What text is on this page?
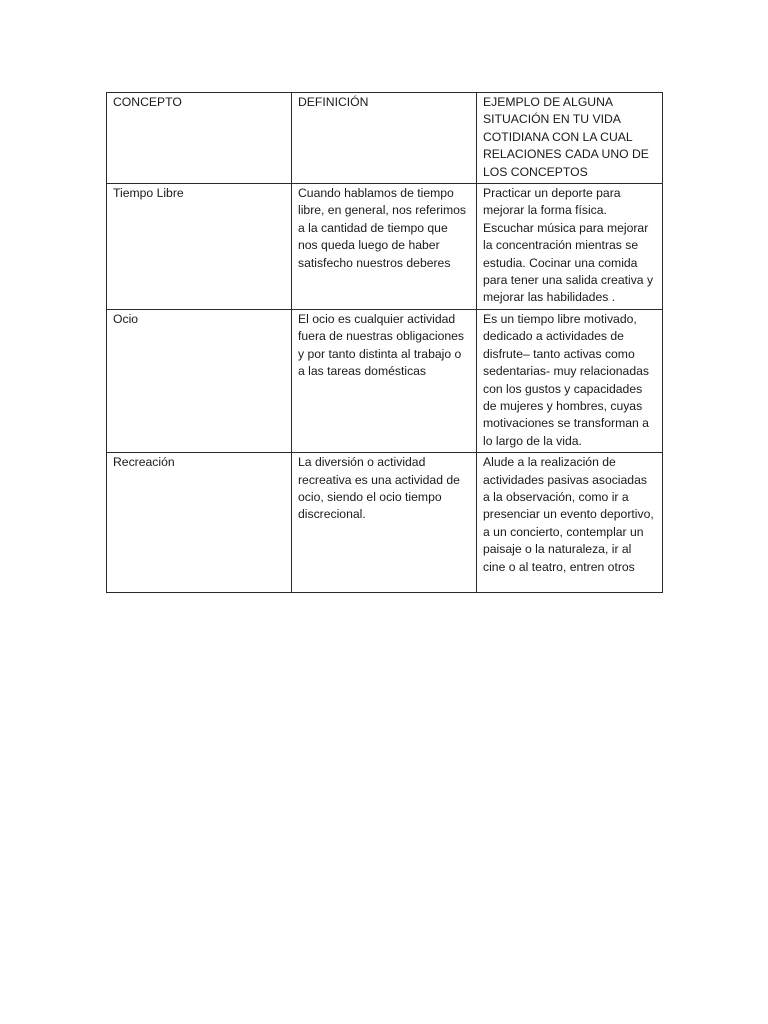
CONCEPTO	DEFINICIÓN	EJEMPLO DE ALGUNA SITUACIÓN EN TU VIDA COTIDIANA CON LA CUAL RELACIONES CADA UNO DE LOS CONCEPTOS
Tiempo Libre	Cuando hablamos de tiempo libre, en general, nos referimos a la cantidad de tiempo que nos queda luego de haber satisfecho nuestros deberes	Practicar un deporte para mejorar la forma física. Escuchar música para mejorar la concentración mientras se estudia. Cocinar una comida para tener una salida creativa y mejorar las habilidades .
Ocio	El ocio es cualquier actividad fuera de nuestras obligaciones y por tanto distinta al trabajo o a las tareas domésticas	Es un tiempo libre motivado, dedicado a actividades de disfrute– tanto activas como sedentarias- muy relacionadas con los gustos y capacidades de mujeres y hombres, cuyas motivaciones se transforman a lo largo de la vida.
Recreación	La diversión o actividad recreativa es una actividad de ocio, siendo el ocio tiempo discrecional.	Alude a la realización de actividades pasivas asociadas a la observación, como ir a presenciar un evento deportivo, a un concierto, contemplar un paisaje o la naturaleza, ir al cine o al teatro, entren otros
